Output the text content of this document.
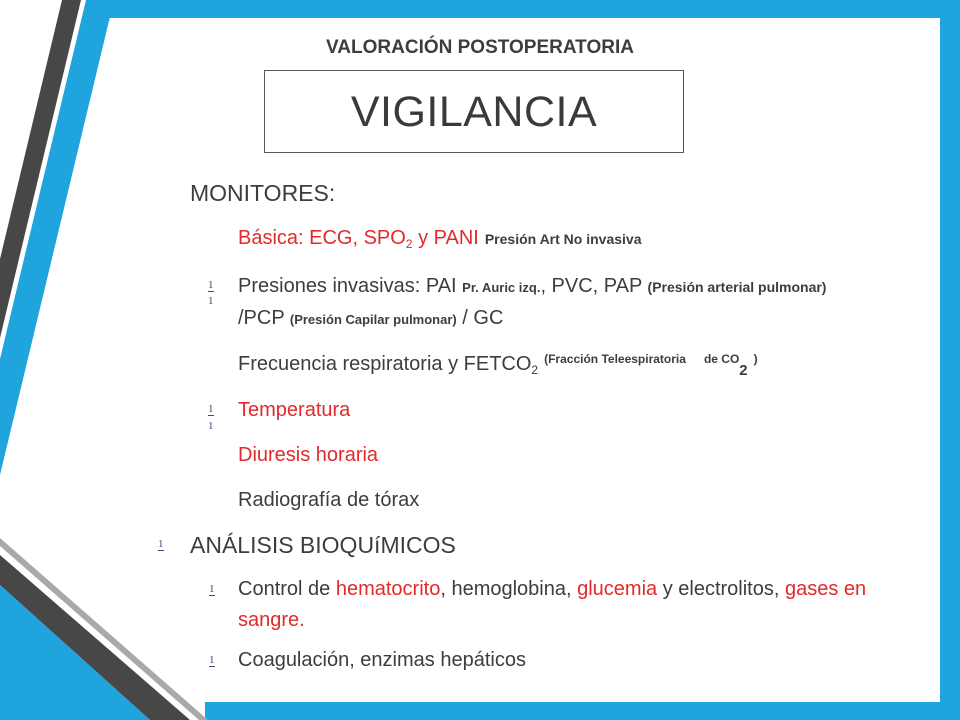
VALORACIÓN POSTOPERATORIA
VIGILANCIA
MONITORES:
Básica: ECG, $SPO_2$ y PANI Presión Art No invasiva
1
1
Presiones invasivas: PAI Pr. Auric izq., PVC, PAP (Presión arterial pulmonar)
/PCP (Presión Capilar pulmonar) / GC
Frecuencia respiratoria y $FETCO_2^{(Fracción Teleespiratoria}$ $^{de CO}_2$)
1
1
Temperatura
Diuresis horaria
Radiografía de tórax
1 ANÁLISIS BIOQUíMICOS
1 Control de hematocrito, hemoglobina, glucemia y electrolitos, gases en
sangre.
1 Coagulación, enzimas hepáticos
